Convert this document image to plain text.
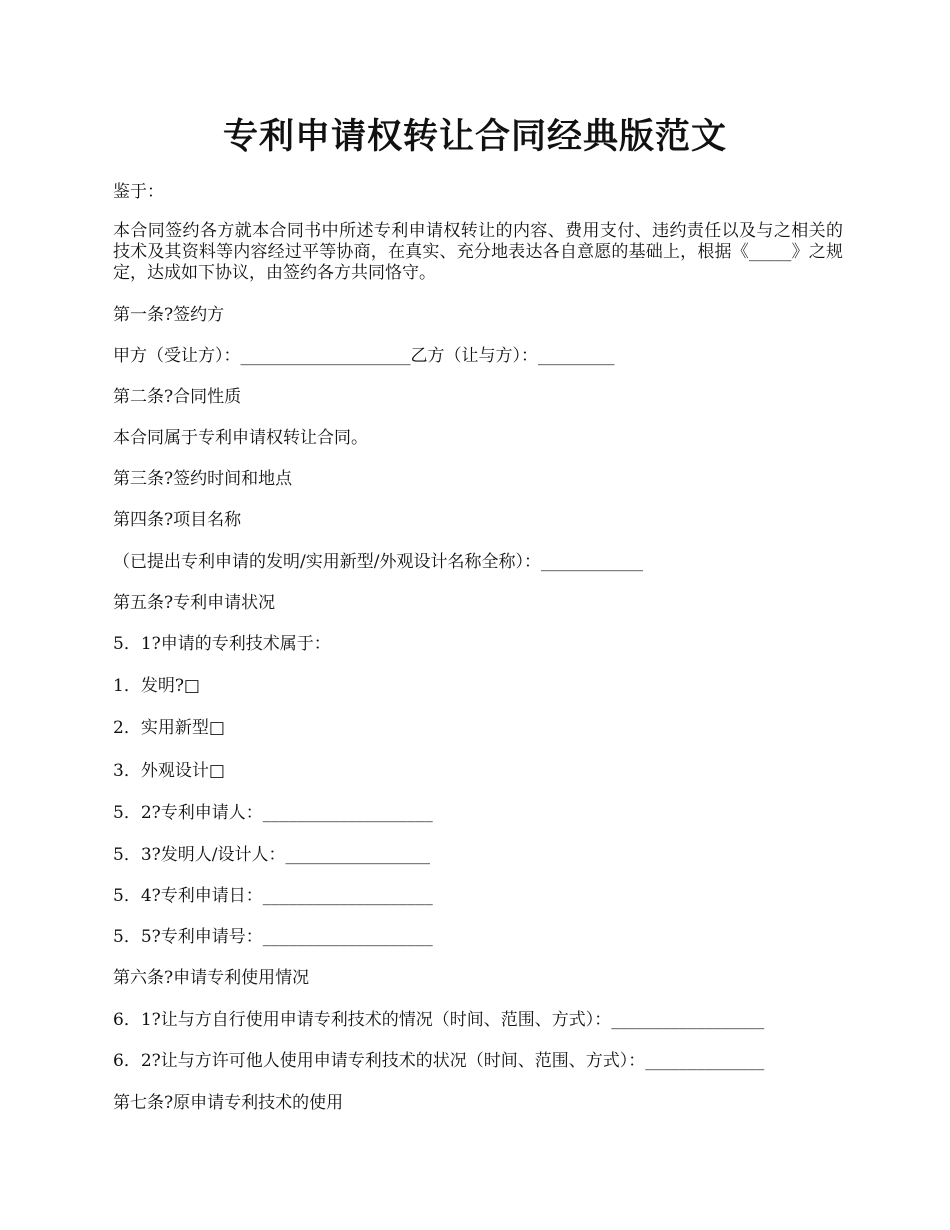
专利申请权转让合同经典版范文
鉴于：
本合同签约各方就本合同书中所述专利申请权转让的内容、费用支付、违约责任以及与之相关的技术及其资料等内容经过平等协商，在真实、充分地表达各自意愿的基础上，根据《_____》之规定，达成如下协议，由签约各方共同恪守。
第一条?签约方
甲方（受让方）：____________________乙方（让与方）：_________
第二条?合同性质
本合同属于专利申请权转让合同。
第三条?签约时间和地点
第四条?项目名称
（已提出专利申请的发明/实用新型/外观设计名称全称）：____________
第五条?专利申请状况
5．1?申请的专利技术属于：
1．发明?□
2．实用新型□
3．外观设计□
5．2?专利申请人：____________________
5．3?发明人/设计人：_________________
5．4?专利申请日：____________________
5．5?专利申请号：____________________
第六条?申请专利使用情况
6．1?让与方自行使用申请专利技术的情况（时间、范围、方式）：__________________
6．2?让与方许可他人使用申请专利技术的状况（时间、范围、方式）：______________
第七条?原申请专利技术的使用
